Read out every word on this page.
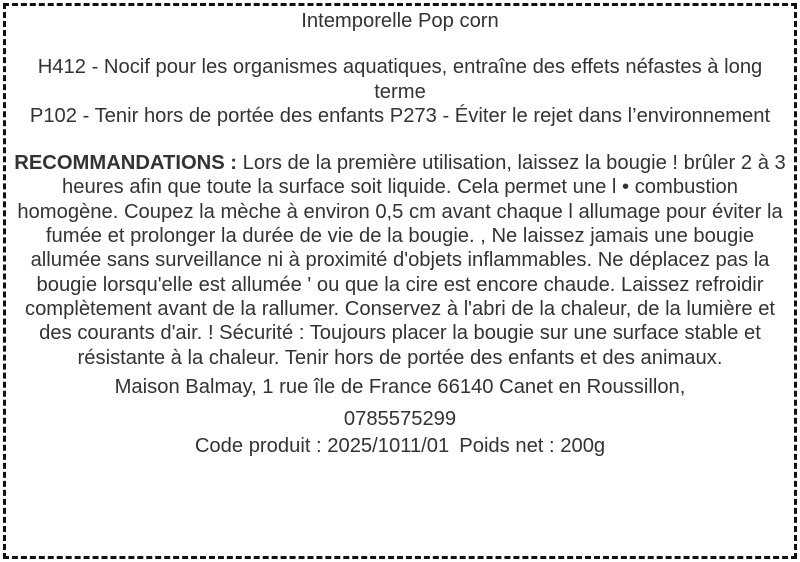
Intemporelle Pop corn

H412 - Nocif pour les organismes aquatiques, entraîne des effets néfastes à long terme

P102 - Tenir hors de portée des enfants P273 - Éviter le rejet dans l’environnement

RECOMMANDATIONS : Lors de la première utilisation, laissez la bougie ! brûler 2 à 3 heures afin que toute la surface soit liquide. Cela permet une l • combustion homogène. Coupez la mèche à environ 0,5 cm avant chaque l allumage pour éviter la fumée et prolonger la durée de vie de la bougie. , Ne laissez jamais une bougie allumée sans surveillance ni à proximité d'objets inflammables. Ne déplacez pas la bougie lorsqu'elle est allumée ' ou que la cire est encore chaude. Laissez refroidir complètement avant de la rallumer. Conservez à l'abri de la chaleur, de la lumière et des courants d'air. ! Sécurité : Toujours placer la bougie sur une surface stable et résistante à la chaleur. Tenir hors de portée des enfants et des animaux.

Maison Balmay, 1 rue île de France 66140 Canet en Roussillon,

0785575299

Code produit : 2025/1011/01 Poids net : 200g
